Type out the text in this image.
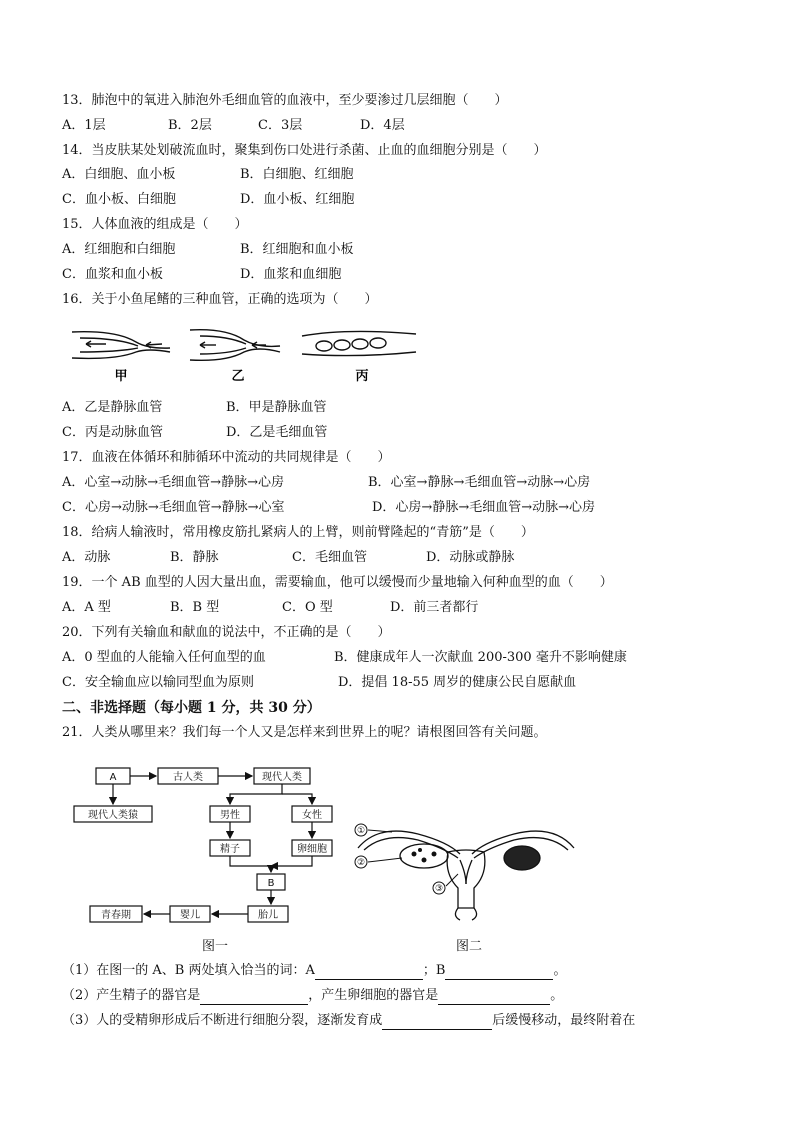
13．肺泡中的氧进入肺泡外毛细血管的血液中，至少要渗过几层细胞（　　）
A．1层	B．2层	C．3层	D．4层
14．当皮肤某处划破流血时，聚集到伤口处进行杀菌、止血的血细胞分别是（　　）
A．白细胞、血小板	B．白细胞、红细胞
C．血小板、白细胞	D．血小板、红细胞
15．人体血液的组成是（　　）
A．红细胞和白细胞	B．红细胞和血小板
C．血浆和血小板	D．血浆和血细胞
16．关于小鱼尾鳍的三种血管，正确的选项为（　　）
甲	乙	丙
A．乙是静脉血管	B．甲是静脉血管
C．丙是动脉血管	D．乙是毛细血管
17．血液在体循环和肺循环中流动的共同规律是（　　）
A．心室→动脉→毛细血管→静脉→心房	B．心室→静脉→毛细血管→动脉→心房
C．心房→动脉→毛细血管→静脉→心室	D．心房→静脉→毛细血管→动脉→心房
18．给病人输液时，常用橡皮筋扎紧病人的上臂，则前臂隆起的“青筋”是（　　）
A．动脉	B．静脉	C．毛细血管	D．动脉或静脉
19．一个 AB 血型的人因大量出血，需要输血，他可以缓慢而少量地输入何种血型的血（　　）
A．A 型	B．B 型	C．O 型	D．前三者都行
20．下列有关输血和献血的说法中，不正确的是（　　）
A．0 型血的人能输入任何血型的血	B．健康成年人一次献血 200-300 毫升不影响健康
C．安全输血应以输同型血为原则	D．提倡 18-55 周岁的健康公民自愿献血
二、非选择题（每小题 1 分，共 30 分）
21．人类从哪里来？我们每一个人又是怎样来到世界上的呢？请根图回答有关问题。
A	古人类	现代人类
现代人类猿	男性	女性
精子	卵细胞
B
青春期	婴儿	胎儿
图一
①
②
③
图二
（1）在图一的 A、B 两处填入恰当的词：A	；B	。
（2）产生精子的器官是	，产生卵细胞的器官是	。
（3）人的受精卵形成后不断进行细胞分裂，逐渐发育成	后缓慢移动，最终附着在
